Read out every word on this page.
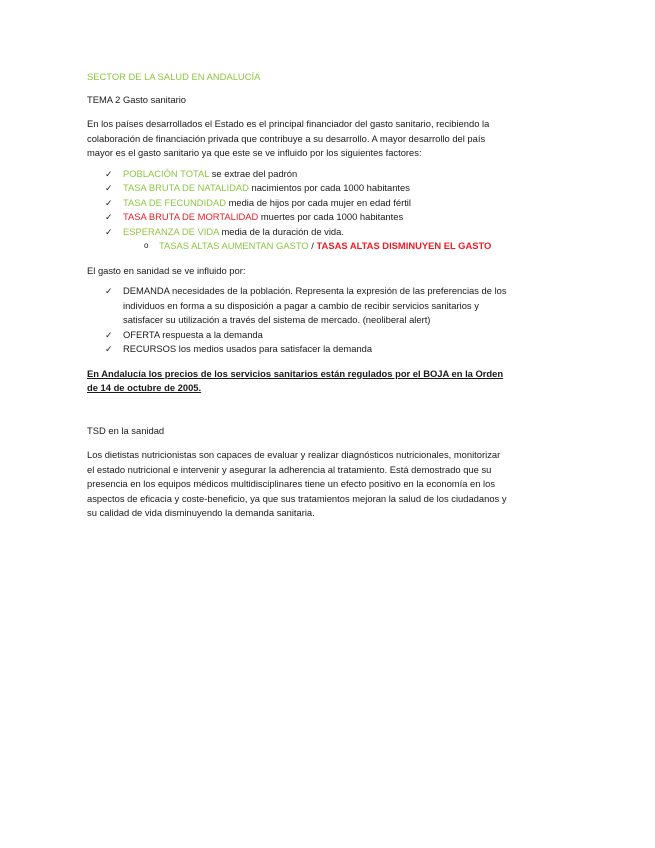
SECTOR DE LA SALUD EN ANDALUCÍA

TEMA 2 Gasto sanitario

En los países desarrollados el Estado es el principal financiador del gasto sanitario, recibiendo la colaboración de financiación privada que contribuye a su desarrollo. A mayor desarrollo del país mayor es el gasto sanitario ya que este se ve influido por los siguientes factores:

✓ POBLACIÓN TOTAL se extrae del padrón
✓ TASA BRUTA DE NATALIDAD nacimientos por cada 1000 habitantes
✓ TASA DE FECUNDIDAD media de hijos por cada mujer en edad fértil
✓ TASA BRUTA DE MORTALIDAD muertes por cada 1000 habitantes
✓ ESPERANZA DE VIDA media de la duración de vida.
o TASAS ALTAS AUMENTAN GASTO / TASAS ALTAS DISMINUYEN EL GASTO

El gasto en sanidad se ve influido por:

✓ DEMANDA necesidades de la población. Representa la expresión de las preferencias de los individuos en forma a su disposición a pagar a cambio de recibir servicios sanitarios y satisfacer su utilización a través del sistema de mercado. (neoliberal alert)
✓ OFERTA respuesta a la demanda
✓ RECURSOS los medios usados para satisfacer la demanda

En Andalucía los precios de los servicios sanitarios están regulados por el BOJA en la Orden de 14 de octubre de 2005.

TSD en la sanidad

Los dietistas nutricionistas son capaces de evaluar y realizar diagnósticos nutricionales, monitorizar el estado nutricional e intervenir y asegurar la adherencia al tratamiento. Está demostrado que su presencia en los equipos médicos multidisciplinares tiene un efecto positivo en la economía en los aspectos de eficacia y coste-beneficio, ya que sus tratamientos mejoran la salud de los ciudadanos y su calidad de vida disminuyendo la demanda sanitaria.
